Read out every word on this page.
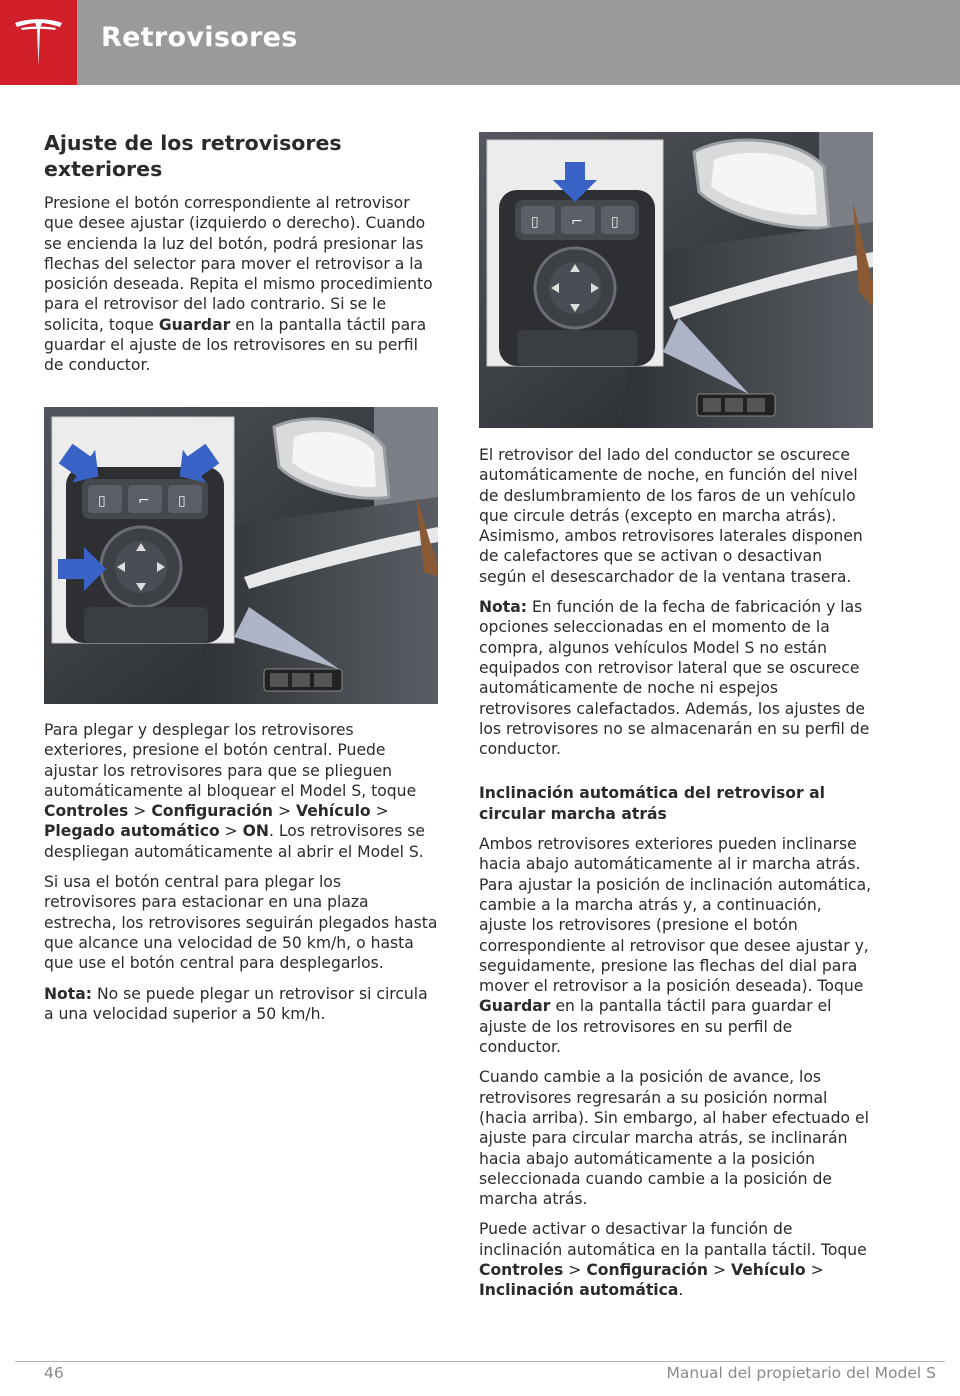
Retrovisores
Ajuste de los retrovisores exteriores

Presione el botón correspondiente al retrovisor que desee ajustar (izquierdo o derecho). Cuando se encienda la luz del botón, podrá presionar las flechas del selector para mover el retrovisor a la posición deseada. Repita el mismo procedimiento para el retrovisor del lado contrario. Si se le solicita, toque Guardar en la pantalla táctil para guardar el ajuste de los retrovisores en su perfil de conductor.

▯ ⌐ ▯

Para plegar y desplegar los retrovisores exteriores, presione el botón central. Puede ajustar los retrovisores para que se plieguen automáticamente al bloquear el Model S, toque Controles > Configuración > Vehículo > Plegado automático > ON. Los retrovisores se despliegan automáticamente al abrir el Model S.

Si usa el botón central para plegar los retrovisores para estacionar en una plaza estrecha, los retrovisores seguirán plegados hasta que alcance una velocidad de 50 km/h, o hasta que use el botón central para desplegarlos.

Nota: No se puede plegar un retrovisor si circula a una velocidad superior a 50 km/h.

▯ ⌐ ▯

El retrovisor del lado del conductor se oscurece automáticamente de noche, en función del nivel de deslumbramiento de los faros de un vehículo que circule detrás (excepto en marcha atrás). Asimismo, ambos retrovisores laterales disponen de calefactores que se activan o desactivan según el desescarchador de la ventana trasera.

Nota: En función de la fecha de fabricación y las opciones seleccionadas en el momento de la compra, algunos vehículos Model S no están equipados con retrovisor lateral que se oscurece automáticamente de noche ni espejos retrovisores calefactados. Además, los ajustes de los retrovisores no se almacenarán en su perfil de conductor.

Inclinación automática del retrovisor al circular marcha atrás

Ambos retrovisores exteriores pueden inclinarse hacia abajo automáticamente al ir marcha atrás. Para ajustar la posición de inclinación automática, cambie a la marcha atrás y, a continuación, ajuste los retrovisores (presione el botón correspondiente al retrovisor que desee ajustar y, seguidamente, presione las flechas del dial para mover el retrovisor a la posición deseada). Toque Guardar en la pantalla táctil para guardar el ajuste de los retrovisores en su perfil de conductor.

Cuando cambie a la posición de avance, los retrovisores regresarán a su posición normal (hacia arriba). Sin embargo, al haber efectuado el ajuste para circular marcha atrás, se inclinarán hacia abajo automáticamente a la posición seleccionada cuando cambie a la posición de marcha atrás.

Puede activar o desactivar la función de inclinación automática en la pantalla táctil. Toque Controles > Configuración > Vehículo > Inclinación automática.

46	Manual del propietario del Model S
